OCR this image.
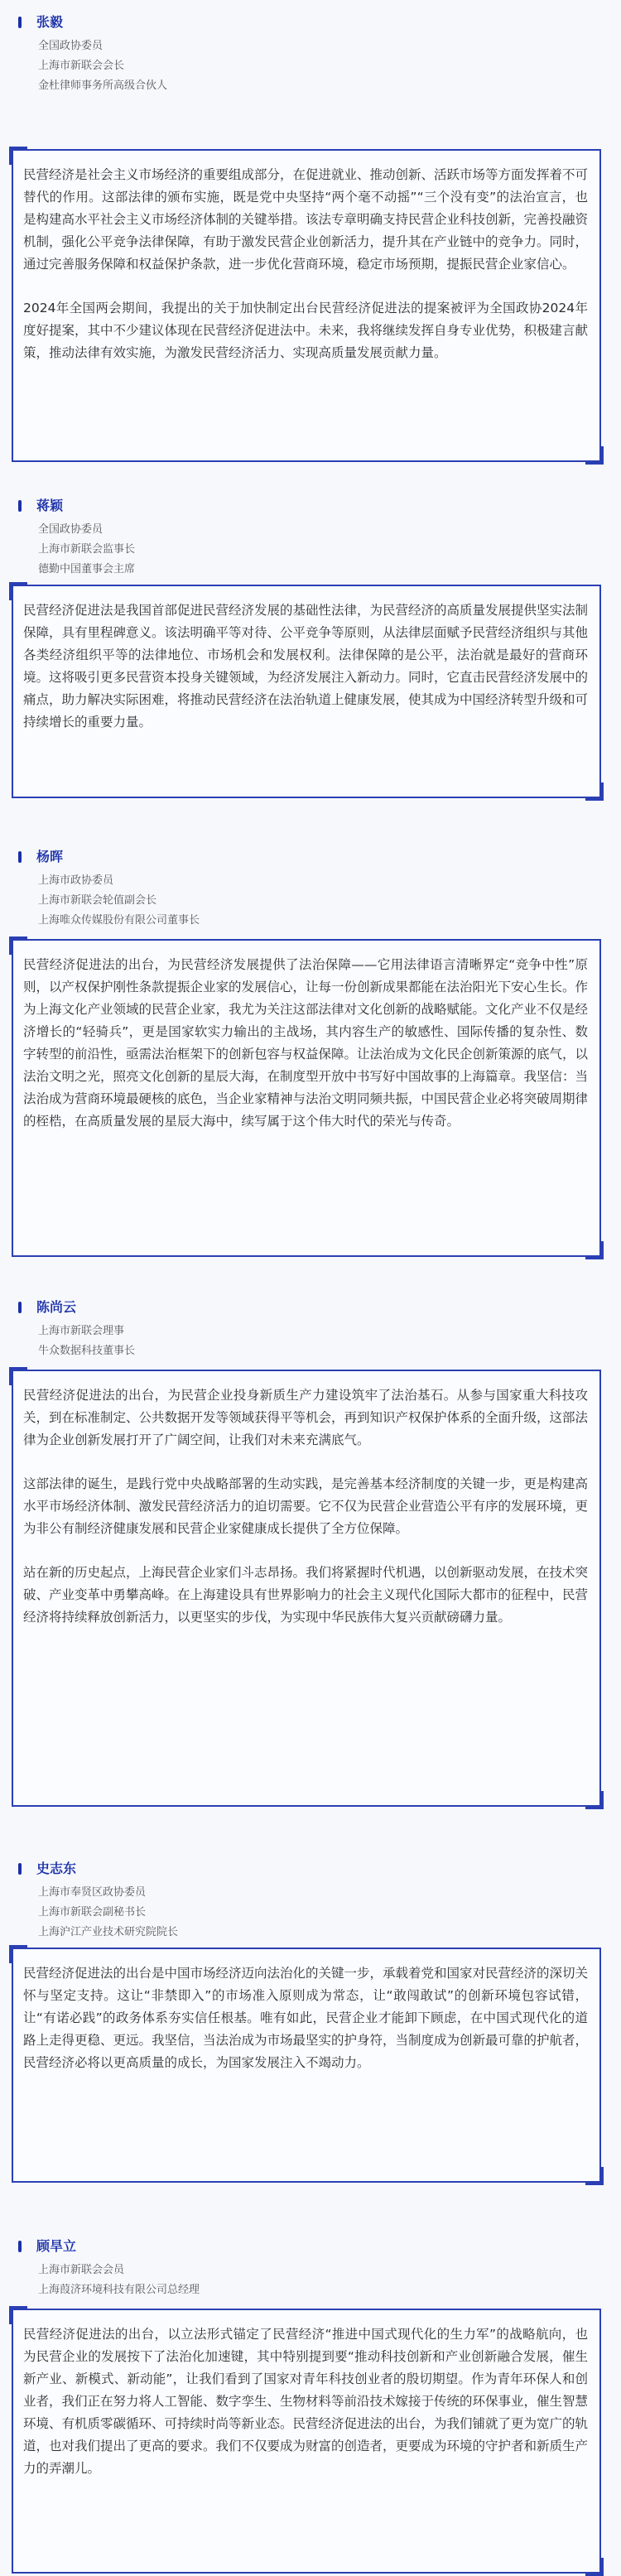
张毅
全国政协委员
上海市新联会会长
金杜律师事务所高级合伙人

民营经济是社会主义市场经济的重要组成部分，在促进就业、推动创新、活跃市场等方面发挥着不可替代的作用。这部法律的颁布实施，既是党中央坚持“两个毫不动摇”“三个没有变”的法治宣言，也是构建高水平社会主义市场经济体制的关键举措。该法专章明确支持民营企业科技创新，完善投融资机制，强化公平竞争法律保障，有助于激发民营企业创新活力，提升其在产业链中的竞争力。同时，通过完善服务保障和权益保护条款，进一步优化营商环境，稳定市场预期，提振民营企业家信心。

2024年全国两会期间，我提出的关于加快制定出台民营经济促进法的提案被评为全国政协2024年度好提案，其中不少建议体现在民营经济促进法中。未来，我将继续发挥自身专业优势，积极建言献策，推动法律有效实施，为激发民营经济活力、实现高质量发展贡献力量。

蒋颖
全国政协委员
上海市新联会监事长
德勤中国董事会主席

民营经济促进法是我国首部促进民营经济发展的基础性法律，为民营经济的高质量发展提供坚实法制保障，具有里程碑意义。该法明确平等对待、公平竞争等原则，从法律层面赋予民营经济组织与其他各类经济组织平等的法律地位、市场机会和发展权利。法律保障的是公平，法治就是最好的营商环境。这将吸引更多民营资本投身关键领域，为经济发展注入新动力。同时，它直击民营经济发展中的痛点，助力解决实际困难，将推动民营经济在法治轨道上健康发展，使其成为中国经济转型升级和可持续增长的重要力量。

杨晖
上海市政协委员
上海市新联会轮值副会长
上海唯众传媒股份有限公司董事长

民营经济促进法的出台，为民营经济发展提供了法治保障——它用法律语言清晰界定“竞争中性”原则，以产权保护刚性条款提振企业家的发展信心，让每一份创新成果都能在法治阳光下安心生长。作为上海文化产业领域的民营企业家，我尤为关注这部法律对文化创新的战略赋能。文化产业不仅是经济增长的“轻骑兵”，更是国家软实力输出的主战场，其内容生产的敏感性、国际传播的复杂性、数字转型的前沿性，亟需法治框架下的创新包容与权益保障。让法治成为文化民企创新策源的底气，以法治文明之光，照亮文化创新的星辰大海，在制度型开放中书写好中国故事的上海篇章。我坚信：当法治成为营商环境最硬核的底色，当企业家精神与法治文明同频共振，中国民营企业必将突破周期律的桎梏，在高质量发展的星辰大海中，续写属于这个伟大时代的荣光与传奇。

陈尚云
上海市新联会理事
牛众数据科技董事长

民营经济促进法的出台，为民营企业投身新质生产力建设筑牢了法治基石。从参与国家重大科技攻关，到在标准制定、公共数据开发等领域获得平等机会，再到知识产权保护体系的全面升级，这部法律为企业创新发展打开了广阔空间，让我们对未来充满底气。

这部法律的诞生，是践行党中央战略部署的生动实践，是完善基本经济制度的关键一步，更是构建高水平市场经济体制、激发民营经济活力的迫切需要。它不仅为民营企业营造公平有序的发展环境，更为非公有制经济健康发展和民营企业家健康成长提供了全方位保障。

站在新的历史起点，上海民营企业家们斗志昂扬。我们将紧握时代机遇，以创新驱动发展，在技术突破、产业变革中勇攀高峰。在上海建设具有世界影响力的社会主义现代化国际大都市的征程中，民营经济将持续释放创新活力，以更坚实的步伐，为实现中华民族伟大复兴贡献磅礴力量。

史志东
上海市奉贤区政协委员
上海市新联会副秘书长
上海沪江产业技术研究院院长

民营经济促进法的出台是中国市场经济迈向法治化的关键一步，承载着党和国家对民营经济的深切关怀与坚定支持。这让“非禁即入”的市场准入原则成为常态，让“敢闯敢试”的创新环境包容试错，让“有诺必践”的政务体系夯实信任根基。唯有如此，民营企业才能卸下顾虑，在中国式现代化的道路上走得更稳、更远。我坚信，当法治成为市场最坚实的护身符，当制度成为创新最可靠的护航者，民营经济必将以更高质量的成长，为国家发展注入不竭动力。

顾旱立
上海市新联会会员
上海葭济环境科技有限公司总经理

民营经济促进法的出台，以立法形式锚定了民营经济“推进中国式现代化的生力军”的战略航向，也为民营企业的发展按下了法治化加速键，其中特别提到要“推动科技创新和产业创新融合发展，催生新产业、新模式、新动能”，让我们看到了国家对青年科技创业者的殷切期望。作为青年环保人和创业者，我们正在努力将人工智能、数字孪生、生物材料等前沿技术嫁接于传统的环保事业，催生智慧环境、有机质零碳循环、可持续时尚等新业态。民营经济促进法的出台，为我们铺就了更为宽广的轨道，也对我们提出了更高的要求。我们不仅要成为财富的创造者，更要成为环境的守护者和新质生产力的弄潮儿。
